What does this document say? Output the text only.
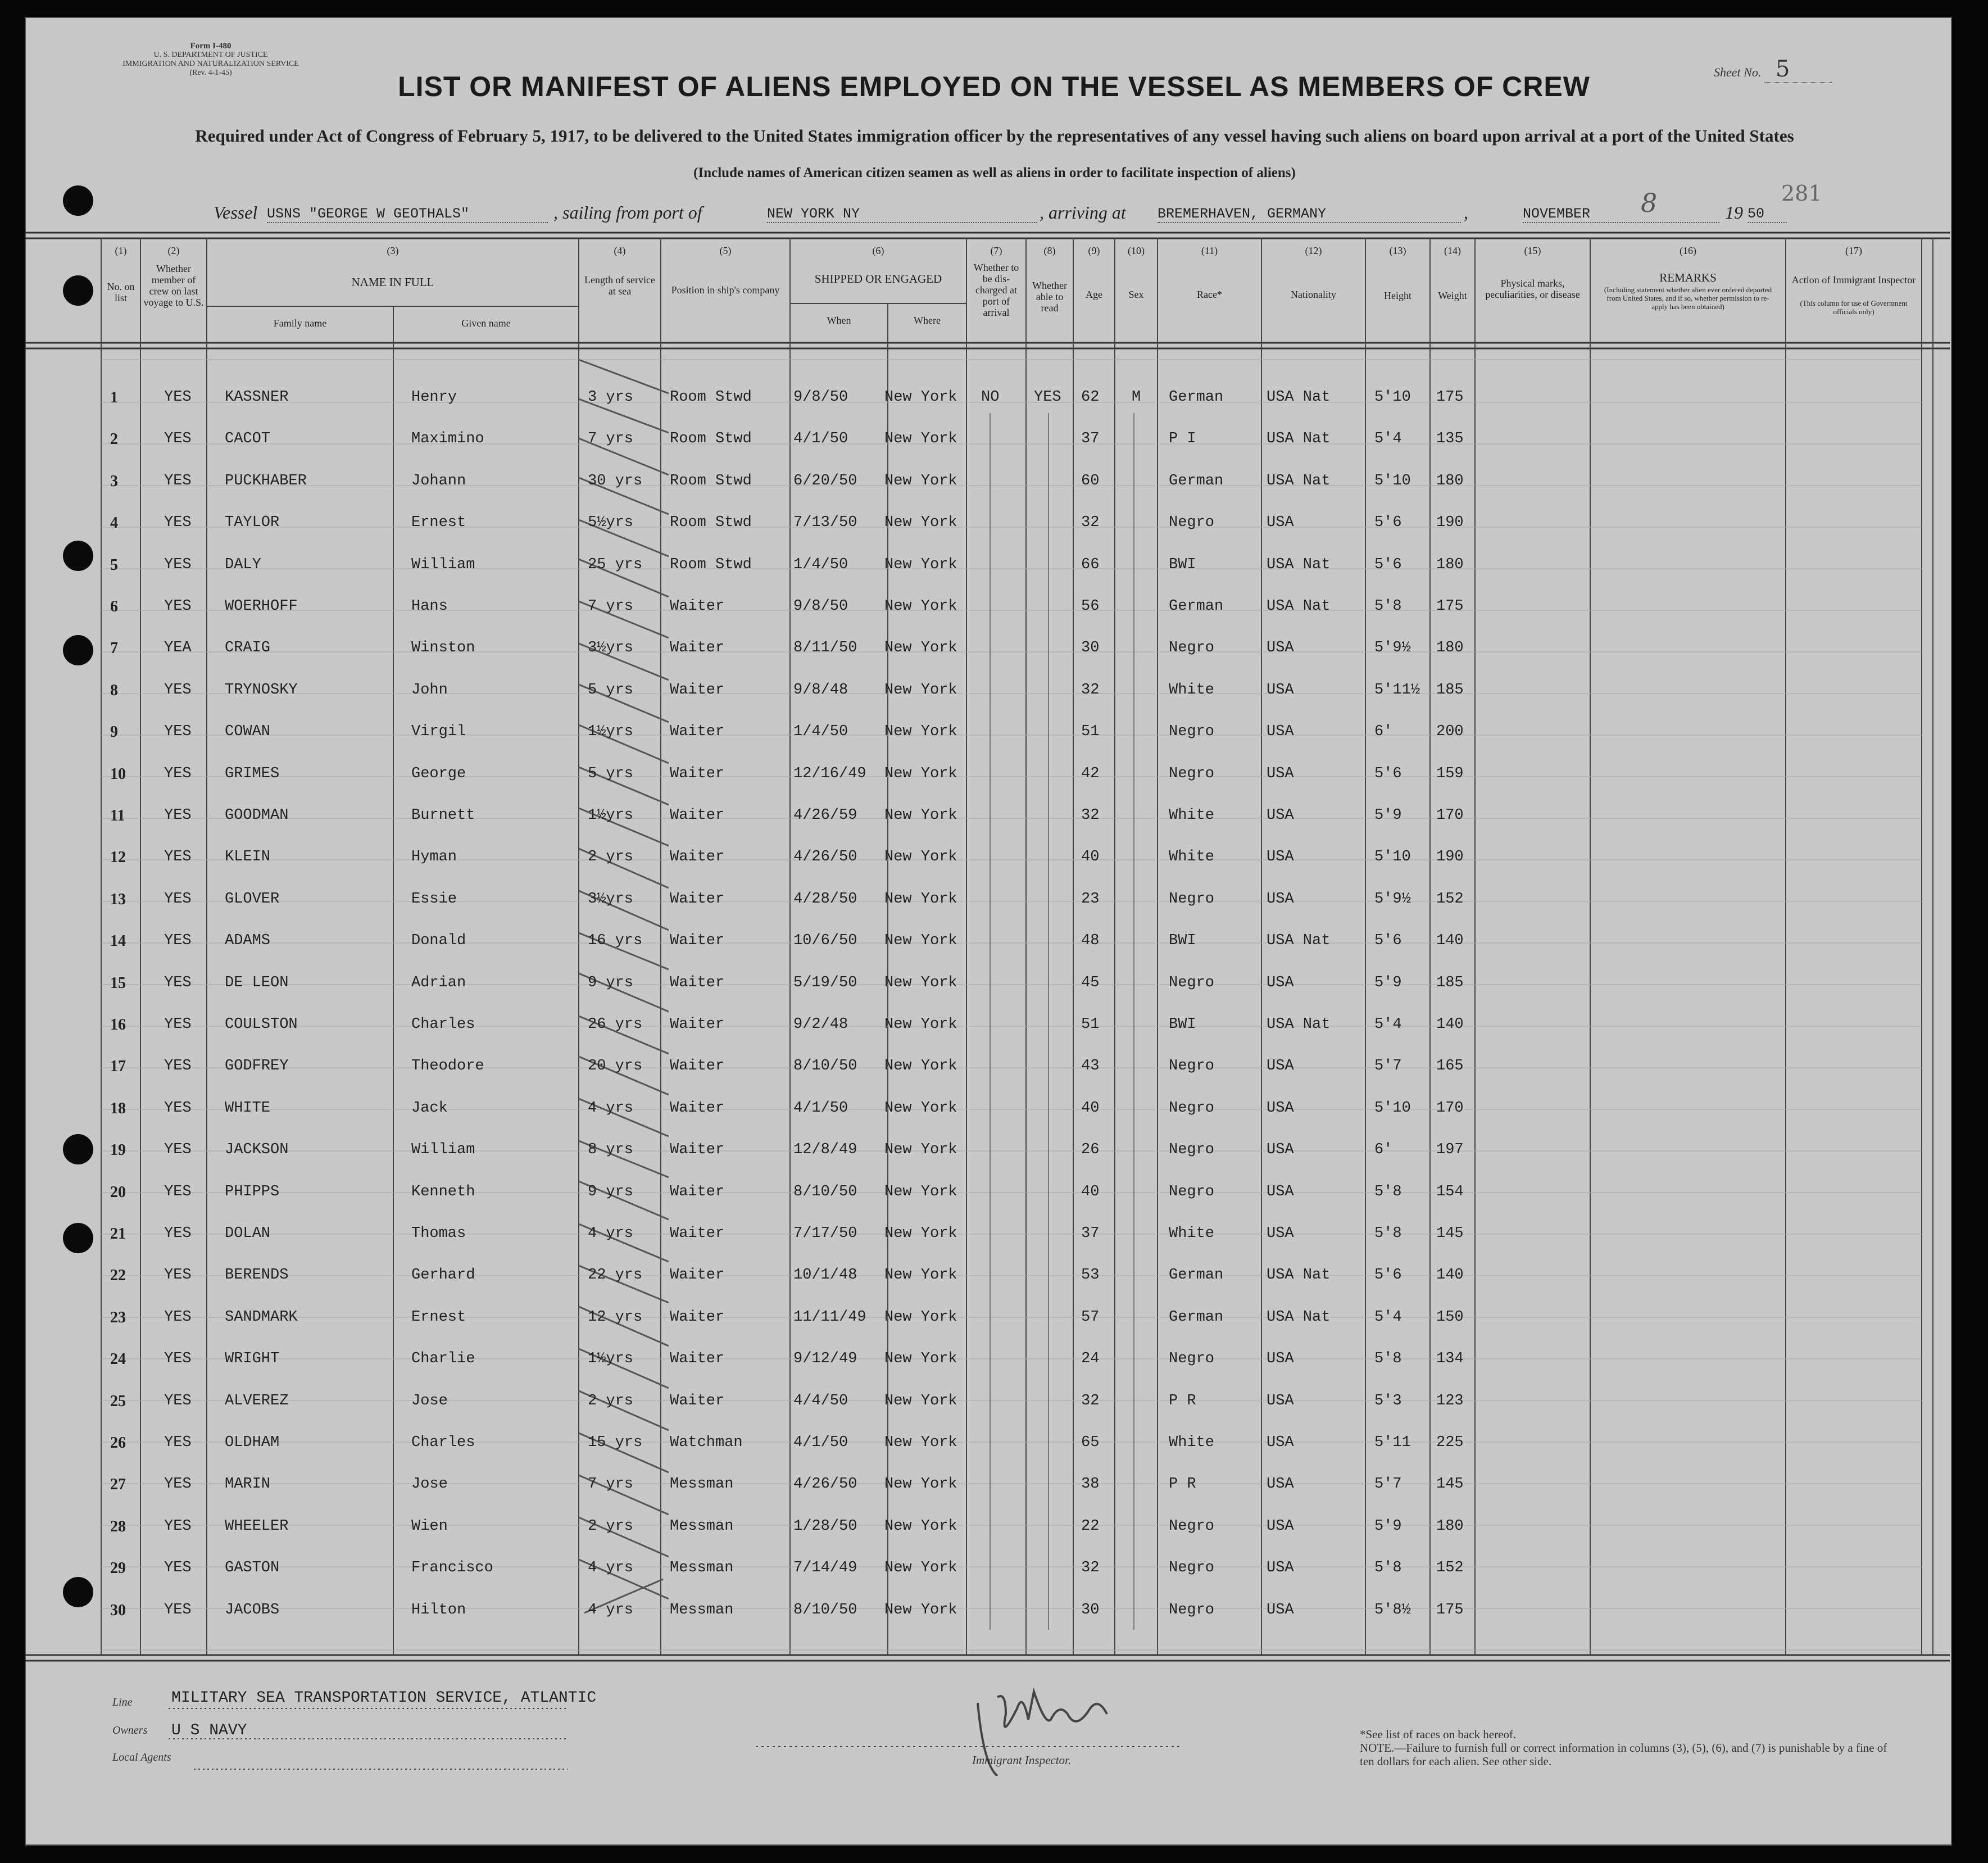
Form I-480
U. S. DEPARTMENT OF JUSTICE
IMMIGRATION AND NATURALIZATION SERVICE
(Rev. 4-1-45)	Sheet No. 5
LIST OR MANIFEST OF ALIENS EMPLOYED ON THE VESSEL AS MEMBERS OF CREW
Required under Act of Congress of February 5, 1917, to be delivered to the United States immigration officer by the representatives of any vessel having such aliens on board upon arrival at a port of the United States
(Include names of American citizen seamen as well as aliens in order to facilitate inspection of aliens)
Vessel USNS "GEORGE W GEOTHALS"	, sailing from port of	NEW YORK NY	, arriving at BREMERHAVEN, GERMANY	,	NOVEMBER	8	19 50
281
(1)
No. on list
(2)
Whether member of crew on last voyage to U.S.
(3)
NAME IN FULL
Family name	Given name
(4)
Length of service at sea
(5)
Position in ship's company
(6)
SHIPPED OR ENGAGED
When	Where
(7)
Whether to be dis-charged at port of arrival
(8)
Whether able to read
(9)
Age
(10)
Sex
(11)
Race*
(12)
Nationality
(13)
Height
(14)
Weight
(15)
Physical marks, peculiarities, or disease
(16)
REMARKS
(Including statement whether alien ever ordered deported from United States, and if so, whether permission to re-apply has been obtained)
(17)
Action of Immigrant Inspector
(This column for use of Government officials only)
1	YES KASSNER	Henry	3 yrs Room Stwd	9/8/50 New York NO YES 62 M German	USA Nat	5'10 175
2	YES CACOT	Maximino	7 yrs Room Stwd	4/1/50 New York	37	P I	USA Nat	5'4 135
3	YES PUCKHABER	Johann	30 yrs Room Stwd	6/20/50 New York	60	German	USA Nat	5'10 180
4	YES TAYLOR	Ernest	5½yrs Room Stwd	7/13/50 New York	32	Negro	USA	5'6 190
5	YES DALY	William	25 yrs Room Stwd	1/4/50 New York	66	BWI	USA Nat	5'6 180
6	YES WOERHOFF	Hans	7 yrs Waiter	9/8/50 New York	56	German	USA Nat	5'8 175
7	YEA CRAIG	Winston	3½yrs Waiter	8/11/50 New York	30	Negro	USA	5'9½ 180
8	YES TRYNOSKY	John	5 yrs Waiter	9/8/48 New York	32	White	USA	5'11½ 185
9	YES COWAN	Virgil	1½yrs Waiter	1/4/50 New York	51	Negro	USA	6'	200
10	YES GRIMES	George	5 yrs Waiter	12/16/49 New York	42	Negro	USA	5'6 159
11	YES GOODMAN	Burnett	1½yrs Waiter	4/26/59 New York	32	White	USA	5'9 170
12	YES KLEIN	Hyman	2 yrs Waiter	4/26/50 New York	40	White	USA	5'10 190
13	YES GLOVER	Essie	3½yrs Waiter	4/28/50 New York	23	Negro	USA	5'9½ 152
14	YES ADAMS	Donald	16 yrs Waiter	10/6/50 New York	48	BWI	USA Nat	5'6 140
15	YES DE LEON	Adrian	9 yrs Waiter	5/19/50 New York	45	Negro	USA	5'9 185
16	YES COULSTON	Charles	26 yrs Waiter	9/2/48 New York	51	BWI	USA Nat	5'4 140
17	YES GODFREY	Theodore	20 yrs Waiter	8/10/50 New York	43	Negro	USA	5'7 165
18	YES WHITE	Jack	4 yrs Waiter	4/1/50 New York	40	Negro	USA	5'10 170
19	YES JACKSON	William	8 yrs Waiter	12/8/49 New York	26	Negro	USA	6'	197
20	YES PHIPPS	Kenneth	9 yrs Waiter	8/10/50 New York	40	Negro	USA	5'8 154
21	YES DOLAN	Thomas	4 yrs Waiter	7/17/50 New York	37	White	USA	5'8 145
22	YES BERENDS	Gerhard	22 yrs Waiter	10/1/48 New York	53	German	USA Nat	5'6 140
23	YES SANDMARK	Ernest	12 yrs Waiter	11/11/49 New York	57	German	USA Nat	5'4 150
24	YES WRIGHT	Charlie	1½yrs Waiter	9/12/49 New York	24	Negro	USA	5'8 134
25	YES ALVEREZ	Jose	2 yrs Waiter	4/4/50 New York	32	P R	USA	5'3 123
26	YES OLDHAM	Charles	15 yrs Watchman	4/1/50 New York	65	White	USA	5'11 225
27	YES MARIN	Jose	7 yrs Messman	4/26/50 New York	38	P R	USA	5'7 145
28	YES WHEELER	Wien	2 yrs Messman	1/28/50 New York	22	Negro	USA	5'9 180
29	YES GASTON	Francisco	4 yrs Messman	7/14/49 New York	32	Negro	USA	5'8 152
30	YES JACOBS	Hilton	4 yrs Messman	8/10/50 New York	30	Negro	USA	5'8½ 175
Line MILITARY SEA TRANSPORTATION SERVICE, ATLANTIC
Owners U S NAVY
Local Agents	Immigrant Inspector.
*See list of races on back hereof.
NOTE.—Failure to furnish full or correct information in columns (3), (5), (6), and (7) is punishable by a fine of ten dollars for each alien. See other side.
